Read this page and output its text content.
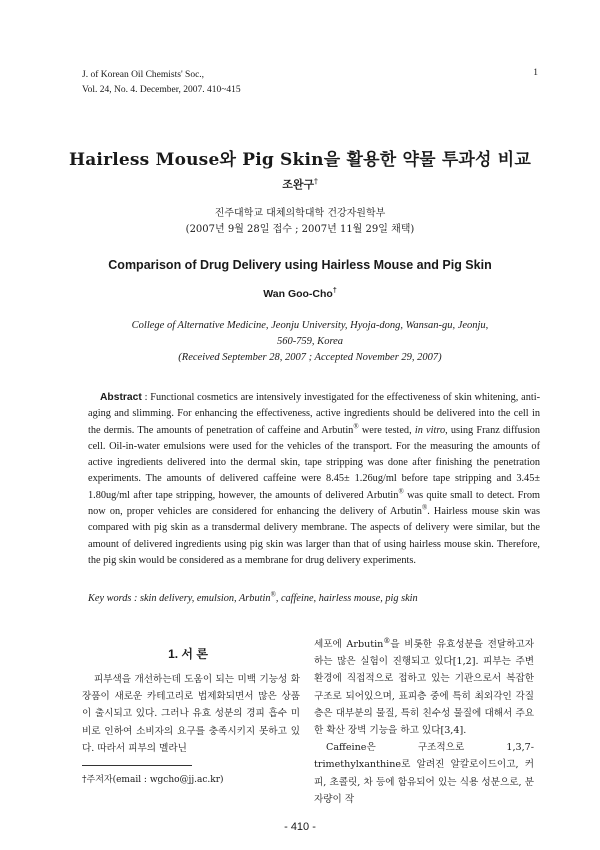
J. of Korean Oil Chemists' Soc.,
Vol. 24, No. 4. December, 2007. 410~415
1
Hairless Mouse와 Pig Skin을 활용한 약물 투과성 비교
조완구†
진주대학교 대체의학대학 건강자원학부
(2007년 9월 28일 접수 ; 2007년 11월 29일 채택)
Comparison of Drug Delivery using Hairless Mouse and Pig Skin
Wan Goo-Cho†
College of Alternative Medicine, Jeonju University, Hyoja-dong, Wansan-gu, Jeonju,
560-759, Korea
(Received September 28, 2007 ; Accepted November 29, 2007)
Abstract : Functional cosmetics are intensively investigated for the effectiveness of skin whitening, anti-aging and slimming. For enhancing the effectiveness, active ingredients should be delivered into the cell in the dermis. The amounts of penetration of caffeine and Arbutin® were tested, in vitro, using Franz diffusion cell. Oil-in-water emulsions were used for the vehicles of the transport. For the measuring the amounts of active ingredients delivered into the dermal skin, tape stripping was done after finishing the penetration experiments. The amounts of delivered caffeine were 8.45± 1.26ug/ml before tape stripping and 3.45± 1.80ug/ml after tape stripping, however, the amounts of delivered Arbutin® was quite small to detect. From now on, proper vehicles are considered for enhancing the delivery of Arbutin®. Hairless mouse skin was compared with pig skin as a transdermal delivery membrane. The aspects of delivery were similar, but the amount of delivered ingredients using pig skin was larger than that of using hairless mouse skin. Therefore, the pig skin would be considered as a membrane for drug delivery experiments.
Key words : skin delivery, emulsion, Arbutin®, caffeine, hairless mouse, pig skin
1. 서 론

피부색을 개선하는데 도움이 되는 미백 기능성 화장품이 새로운 카테고리로 법제화되면서 많은 상품이 출시되고 있다. 그러나 유효 성분의 경피 흡수 미비로 인하여 소비자의 요구를 충족시키지 못하고 있다. 따라서 피부의 멜라닌

세포에 Arbutin®을 비롯한 유효성분을 전달하고자하는 많은 실험이 진행되고 있다[1,2]. 피부는 주변 환경에 직접적으로 접하고 있는 기관으로서 복잡한 구조로 되어있으며, 표피층 중에 특히 최외각인 각질층은 대부분의 물질, 특히 친수성 물질에 대해서 주요한 확산 장벽 기능을 하고 있다[3,4].

Caffeine은 구조적으로 1,3,7-trimethylxanthine로 알려진 알칼로이드이고, 커피, 초콜릿, 차 등에 함유되어 있는 식용 성분으로, 분자량이 작

†주저자(email : wgcho@jj.ac.kr)
- 410 -
